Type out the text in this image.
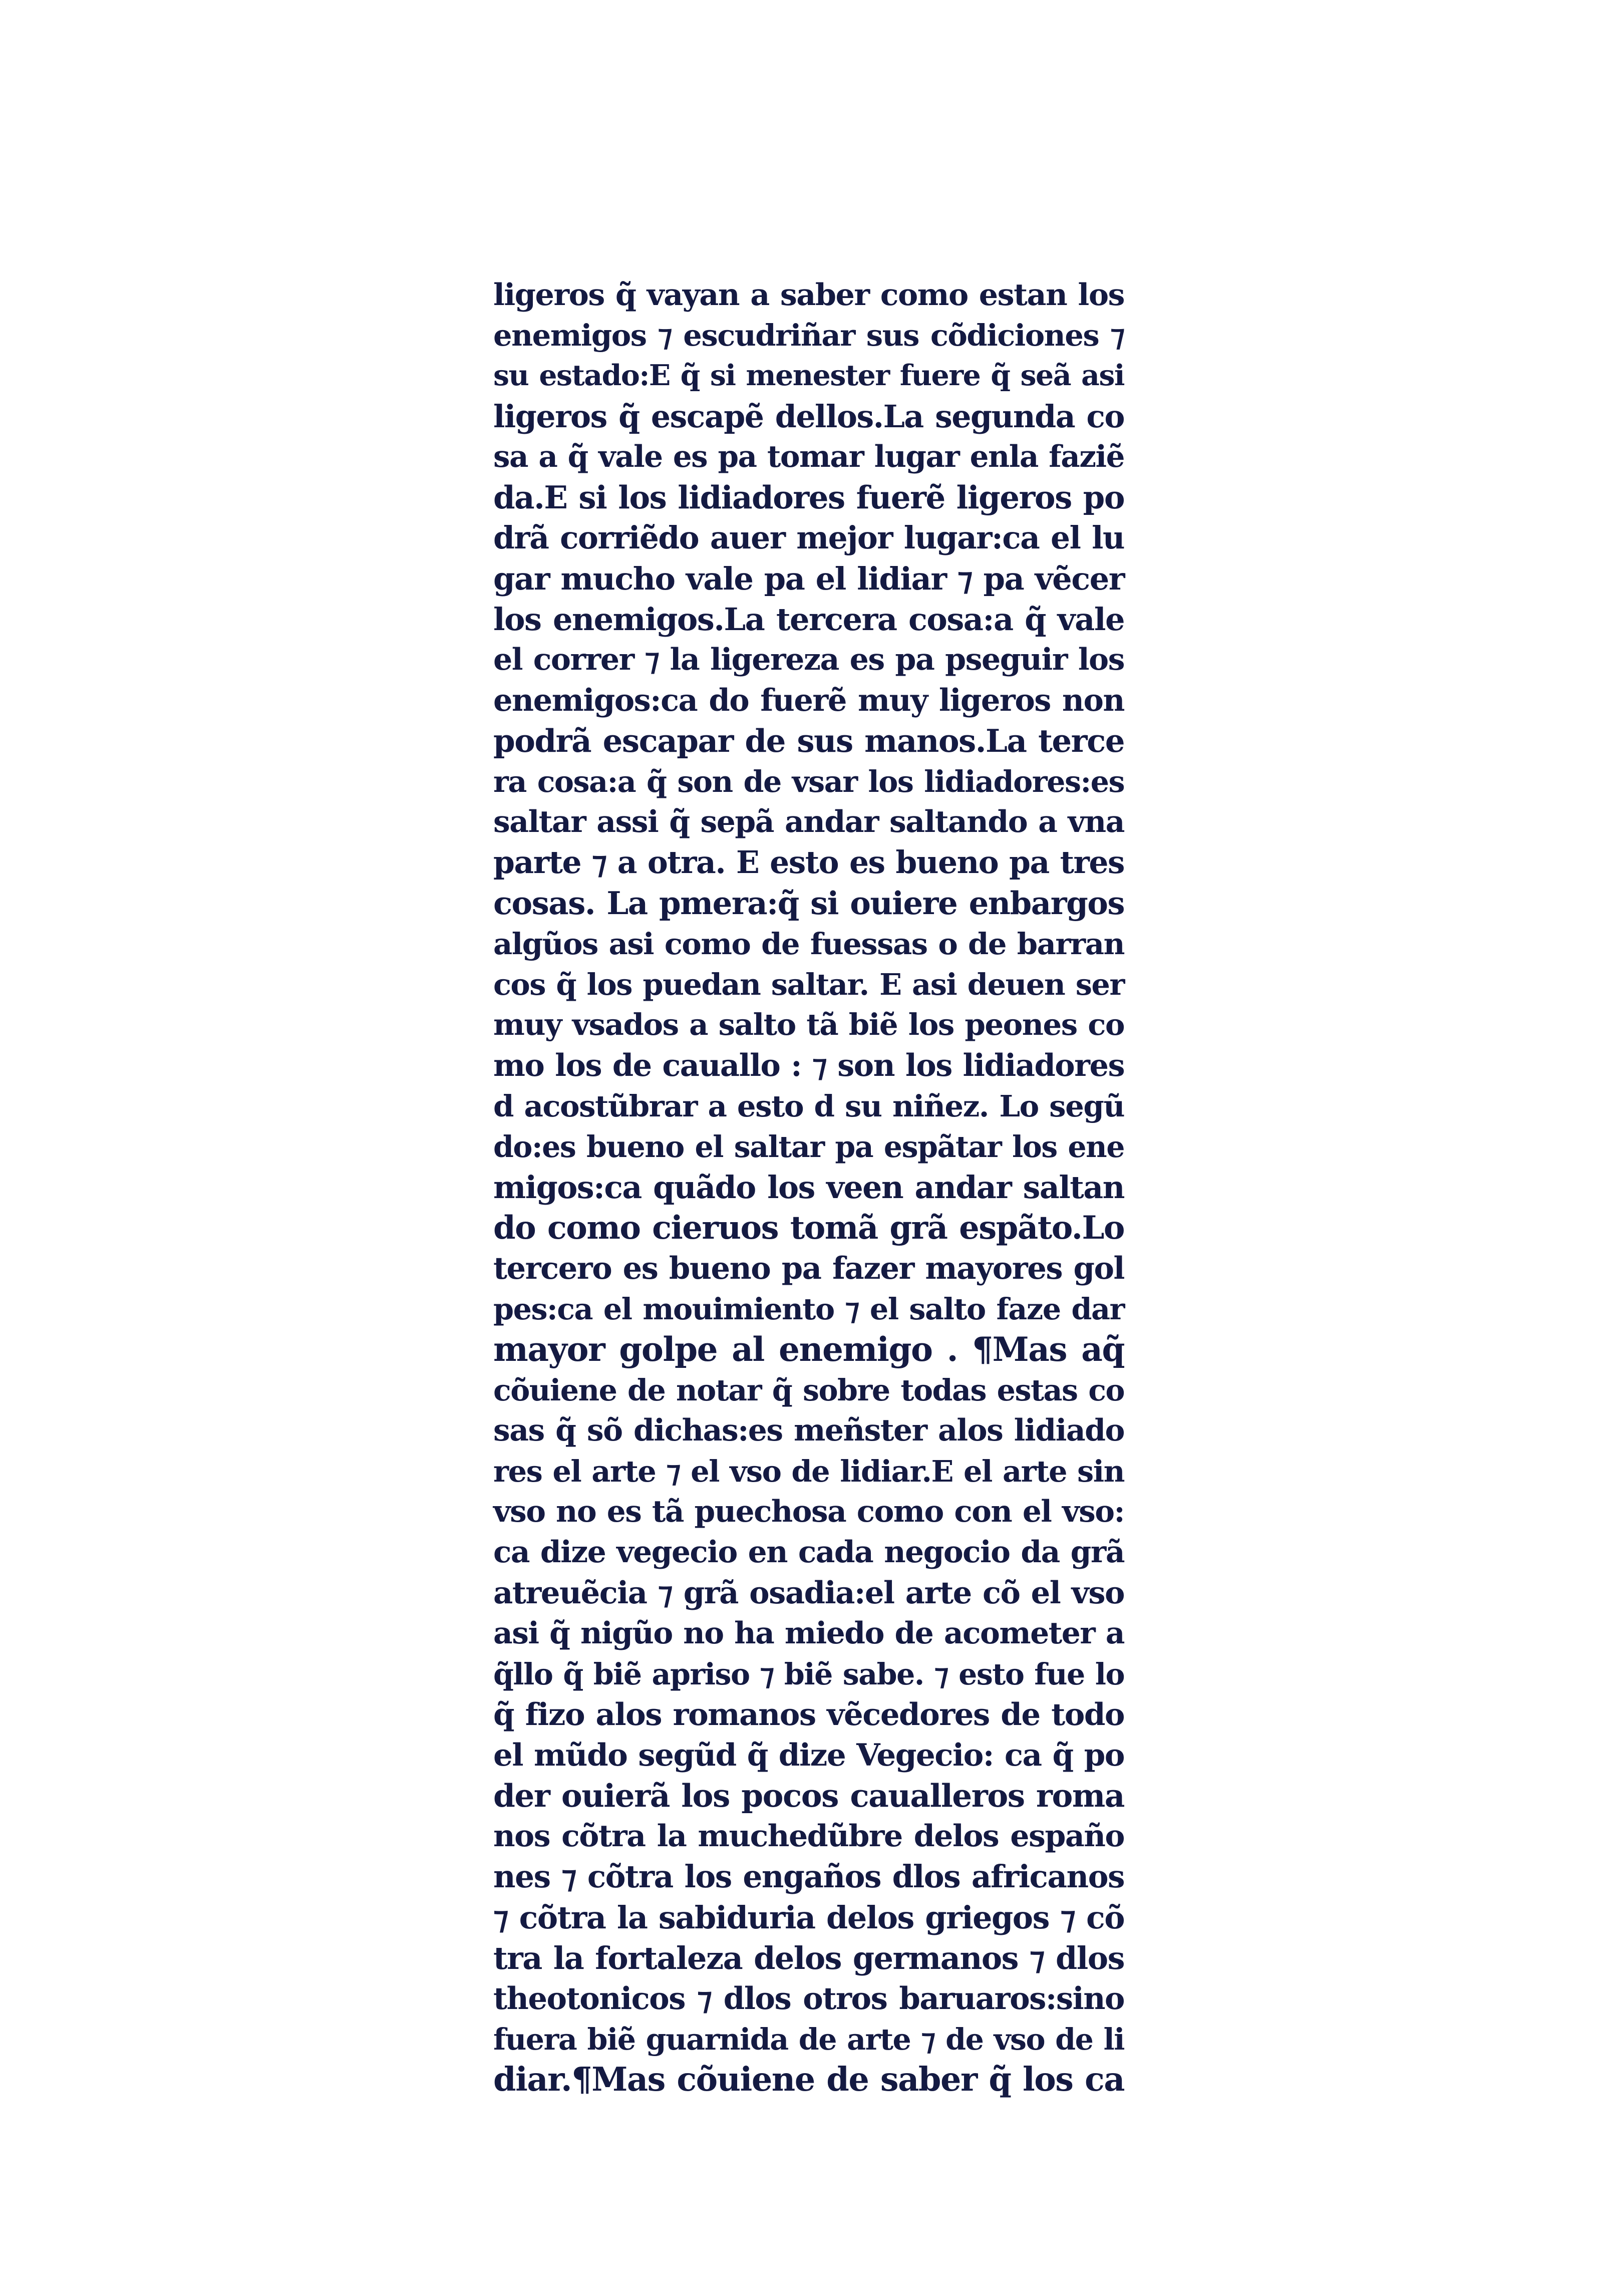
ligeros q̃ vayan a saber como estan los
enemigos ⁊ escudriñar sus cõdiciones ⁊
su estado:E q̃ si menester fuere q̃ seã asi
ligeros q̃ escapẽ dellos.La segunda co
sa a q̃ vale es pa tomar lugar enla faziẽ
da.E si los lidiadores fuerẽ ligeros po
drã corriẽdo auer mejor lugar:ca el lu
gar mucho vale pa el lidiar ⁊ pa vẽcer
los enemigos.La tercera cosa:a q̃ vale
el correr ⁊ la ligereza es pa pseguir los
enemigos:ca do fuerẽ muy ligeros non
podrã escapar de sus manos.La terce
ra cosa:a q̃ son de vsar los lidiadores:es
saltar assi q̃ sepã andar saltando a vna
parte ⁊ a otra. E esto es bueno pa tres
cosas. La pmera:q̃ si ouiere enbargos
algũos asi como de fuessas o de barran
cos q̃ los puedan saltar. E asi deuen ser
muy vsados a salto tã biẽ los peones co
mo los de cauallo : ⁊ son los lidiadores
d acostũbrar a esto d su niñez. Lo segũ
do:es bueno el saltar pa espãtar los ene
migos:ca quãdo los veen andar saltan
do como cieruos tomã grã espãto.Lo
tercero es bueno pa fazer mayores gol
pes:ca el mouimiento ⁊ el salto faze dar
mayor golpe al enemigo . ¶Mas aq̃
cõuiene de notar q̃ sobre todas estas co
sas q̃ sõ dichas:es meñster alos lidiado
res el arte ⁊ el vso de lidiar.E el arte sin
vso no es tã puechosa como con el vso:
ca dize vegecio en cada negocio da grã
atreuẽcia ⁊ grã osadia:el arte cõ el vso
asi q̃ nigũo no ha miedo de acometer a
q̃llo q̃ biẽ apriso ⁊ biẽ sabe. ⁊ esto fue lo
q̃ fizo alos romanos vẽcedores de todo
el mũdo segũd q̃ dize Vegecio: ca q̃ po
der ouierã los pocos caualleros roma
nos cõtra la muchedũbre delos españo
nes ⁊ cõtra los engaños dlos africanos
⁊ cõtra la sabiduria delos griegos ⁊ cõ
tra la fortaleza delos germanos ⁊ dlos
theotonicos ⁊ dlos otros baruaros:sino
fuera biẽ guarnida de arte ⁊ de vso de li
diar.¶Mas cõuiene de saber q̃ los ca
